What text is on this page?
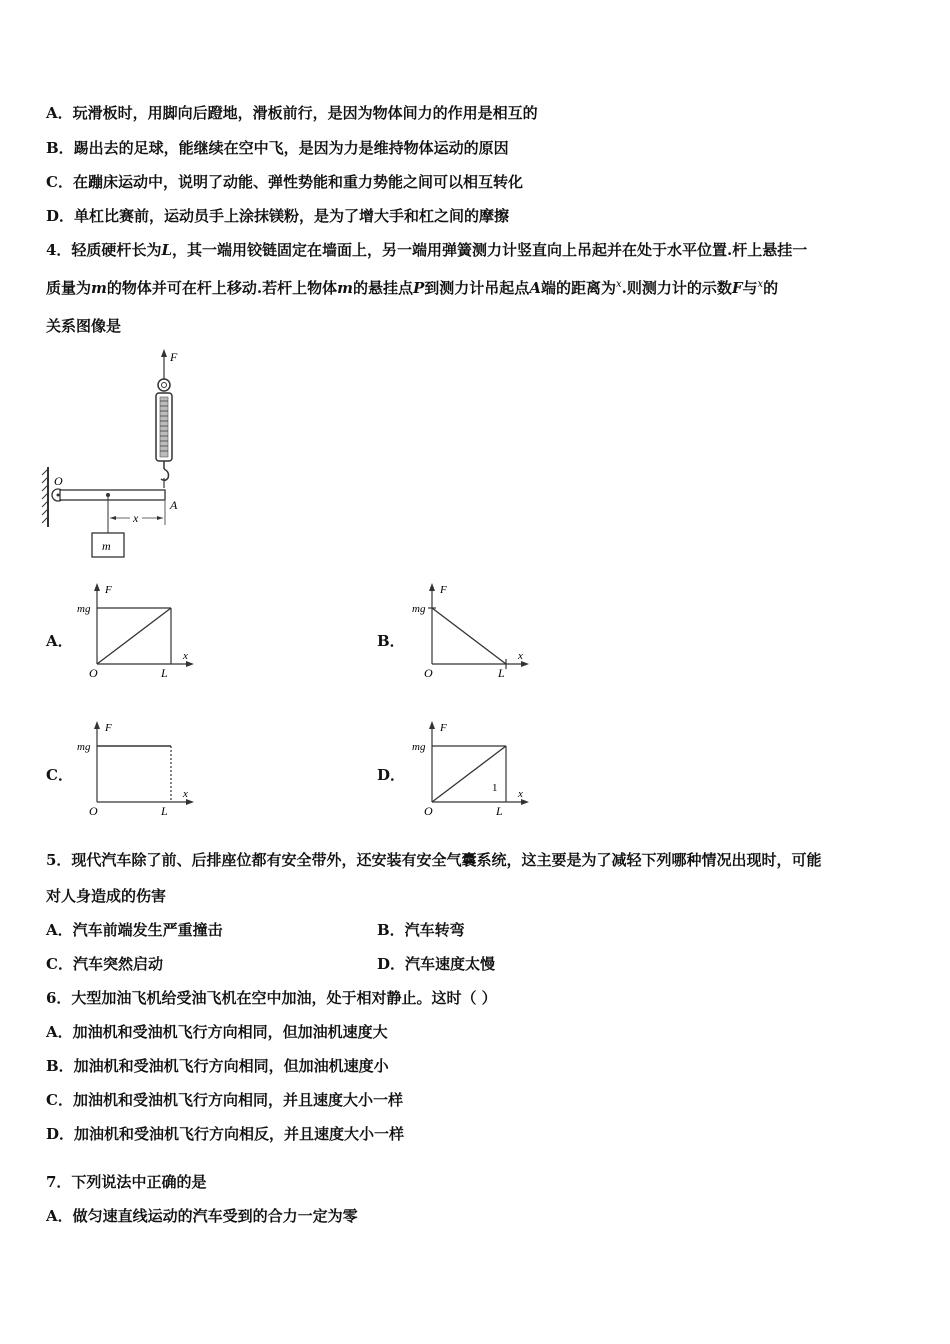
A．玩滑板时，用脚向后蹬地，滑板前行，是因为物体间力的作用是相互的
B．踢出去的足球，能继续在空中飞，是因为力是维持物体运动的原因
C．在蹦床运动中，说明了动能、弹性势能和重力势能之间可以相互转化
D．单杠比赛前，运动员手上涂抹镁粉，是为了增大手和杠之间的摩擦
4．轻质硬杆长为L，其一端用铰链固定在墙面上，另一端用弹簧测力计竖直向上吊起并在处于水平位置.杆上悬挂一
质量为m的物体并可在杆上移动.若杆上物体m的悬挂点P到测力计吊起点A端的距离为$^x$.则测力计的示数F与$^x$的
关系图像是
F
O
A
m
x
A．	B．
C．	D．
F
mg
O
x
L
F
mg
O
x
L
F
mg
O
x
L
F
mg
O
x
L
1
5．现代汽车除了前、后排座位都有安全带外，还安装有安全气囊系统，这主要是为了减轻下列哪种情况出现时，可能
对人身造成的伤害
A．汽车前端发生严重撞击	B．汽车转弯
C．汽车突然启动	D．汽车速度太慢
6．大型加油飞机给受油飞机在空中加油，处于相对静止。这时（ ）
A．加油机和受油机飞行方向相同，但加油机速度大
B．加油机和受油机飞行方向相同，但加油机速度小
C．加油机和受油机飞行方向相同，并且速度大小一样
D．加油机和受油机飞行方向相反，并且速度大小一样
7．下列说法中正确的是
A．做匀速直线运动的汽车受到的合力一定为零
